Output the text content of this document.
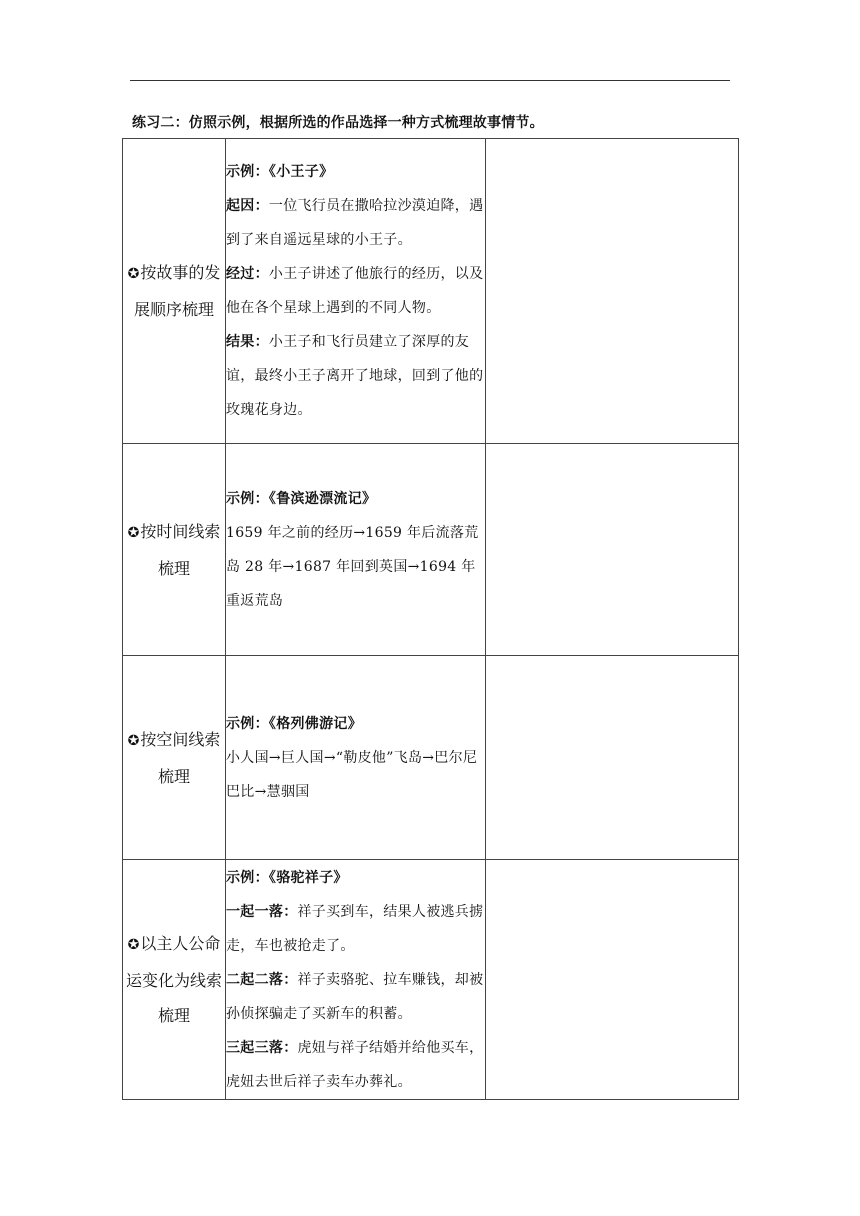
练习二：仿照示例，根据所选的作品选择一种方式梳理故事情节。
✪按故事的发展顺序梳理	示例：《小王子》
起因：一位飞行员在撒哈拉沙漠迫降，遇到了来自遥远星球的小王子。
经过：小王子讲述了他旅行的经历，以及他在各个星球上遇到的不同人物。
结果：小王子和飞行员建立了深厚的友谊，最终小王子离开了地球，回到了他的玫瑰花身边。	

✪按时间线索梳理	示例：《鲁滨逊漂流记》
1659 年之前的经历→1659 年后流落荒岛 28 年→1687 年回到英国→1694 年重返荒岛	

✪按空间线索梳理	示例：《格列佛游记》
小人国→巨人国→“勒皮他”飞岛→巴尔尼巴比→慧骃国	

✪以主人公命运变化为线索梳理	示例：《骆驼祥子》
一起一落：祥子买到车，结果人被逃兵掳走，车也被抢走了。
二起二落：祥子卖骆驼、拉车赚钱，却被孙侦探骗走了买新车的积蓄。
三起三落：虎妞与祥子结婚并给他买车，虎妞去世后祥子卖车办葬礼。	
